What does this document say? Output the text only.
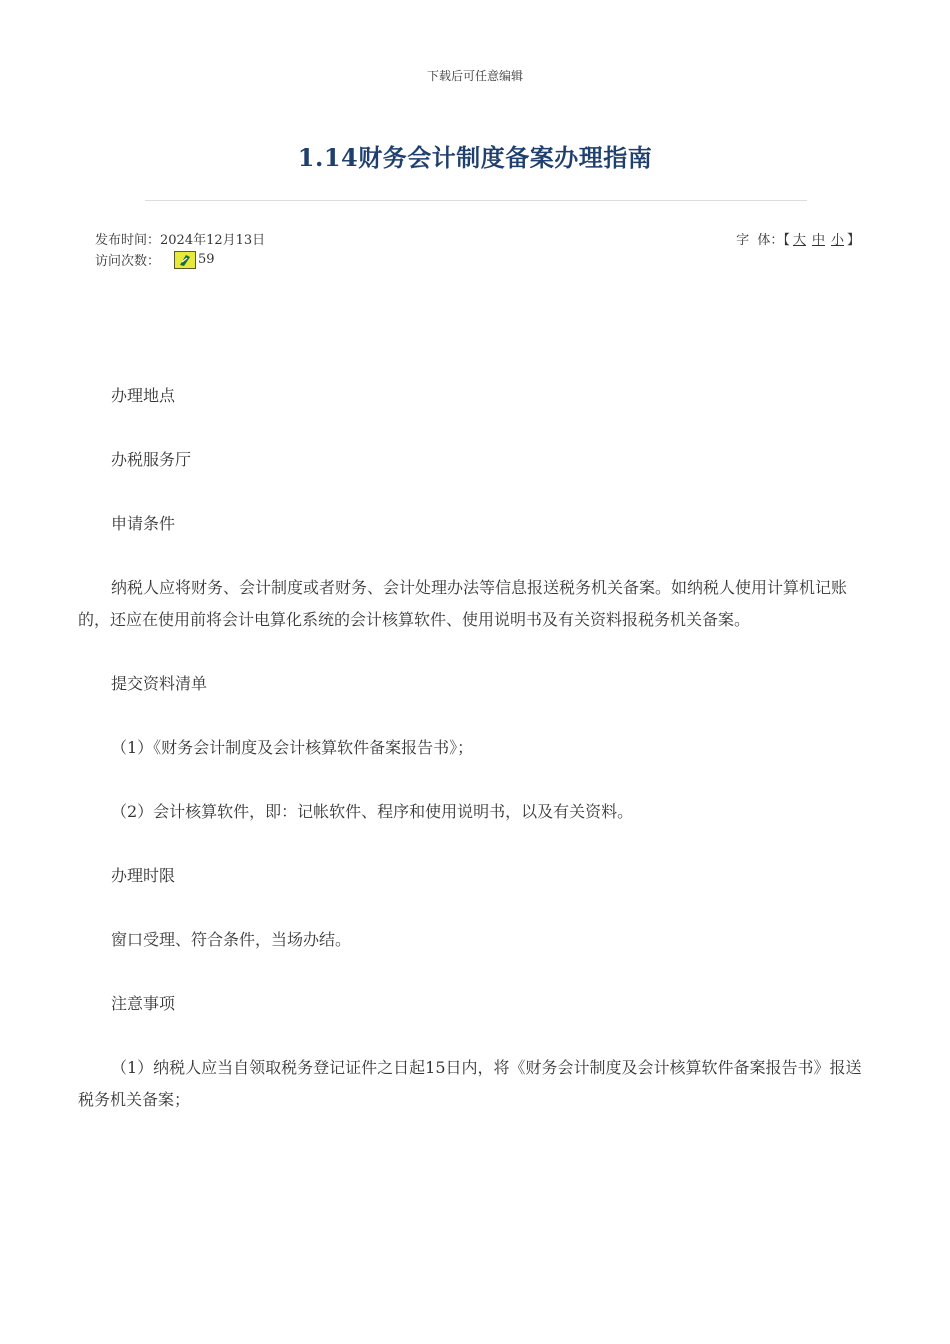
下载后可任意编辑
1.14财务会计制度备案办理指南
发布时间： 2024年12月13日	字  体：【 大 中 小 】
访问次数：	59

办理地点

办税服务厅

申请条件

纳税人应将财务、会计制度或者财务、会计处理办法等信息报送税务机关备案。如纳税人使用计算机记账的，还应在使用前将会计电算化系统的会计核算软件、使用说明书及有关资料报税务机关备案。

提交资料清单

（1）《财务会计制度及会计核算软件备案报告书》；

（2）会计核算软件，即：记帐软件、程序和使用说明书，以及有关资料。

办理时限

窗口受理、符合条件，当场办结。

注意事项

（1）纳税人应当自领取税务登记证件之日起15日内，将《财务会计制度及会计核算软件备案报告书》报送税务机关备案；
